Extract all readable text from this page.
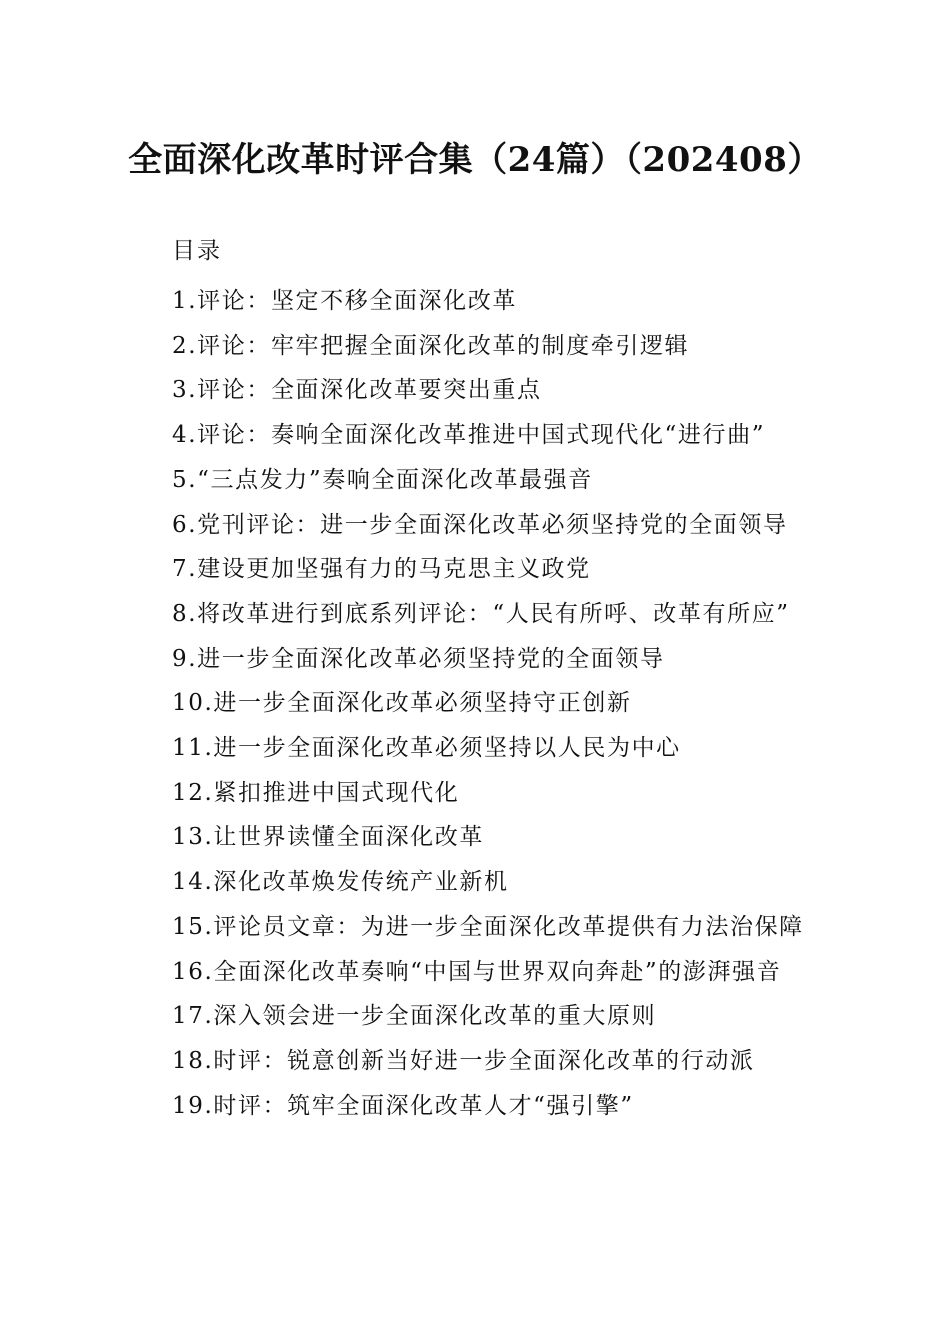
全面深化改革时评合集（24篇）（202408）
目录
1.评论：坚定不移全面深化改革
2.评论：牢牢把握全面深化改革的制度牵引逻辑
3.评论：全面深化改革要突出重点
4.评论：奏响全面深化改革推进中国式现代化“进行曲”
5.“三点发力”奏响全面深化改革最强音
6.党刊评论：进一步全面深化改革必须坚持党的全面领导
7.建设更加坚强有力的马克思主义政党
8.将改革进行到底系列评论：“人民有所呼、改革有所应”
9.进一步全面深化改革必须坚持党的全面领导
10.进一步全面深化改革必须坚持守正创新
11.进一步全面深化改革必须坚持以人民为中心
12.紧扣推进中国式现代化
13.让世界读懂全面深化改革
14.深化改革焕发传统产业新机
15.评论员文章：为进一步全面深化改革提供有力法治保障
16.全面深化改革奏响“中国与世界双向奔赴”的澎湃强音
17.深入领会进一步全面深化改革的重大原则
18.时评：锐意创新当好进一步全面深化改革的行动派
19.时评：筑牢全面深化改革人才“强引擎”
